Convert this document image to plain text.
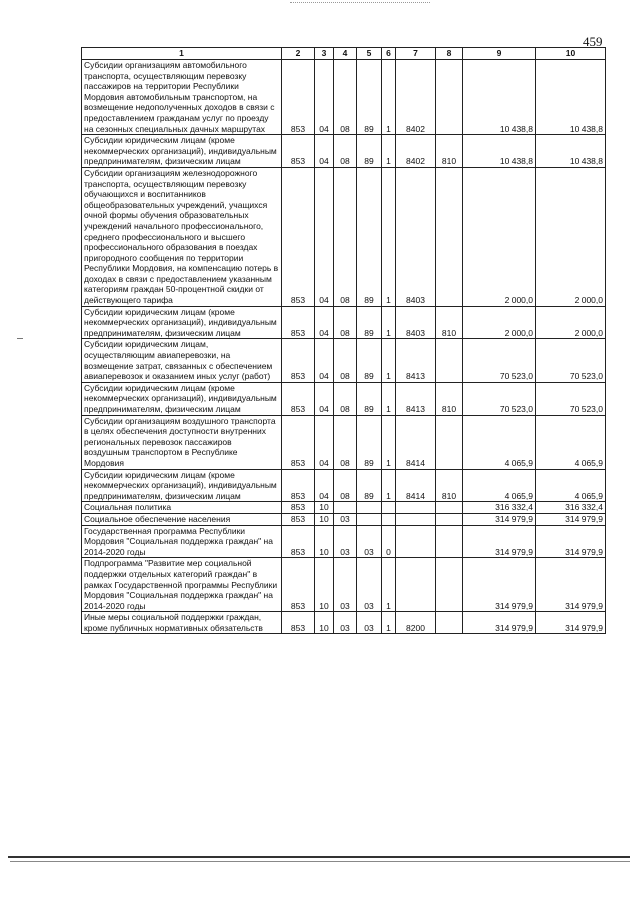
459
1	2	3	4	5	6	7	8	9	10
Субсидии организациям автомобильного транспорта, осуществляющим перевозку пассажиров на территории Республики Мордовия автомобильным транспортом, на возмещение недополученных доходов в связи с предоставлением гражданам услуг по проезду на сезонных специальных дачных маршрутах	853	04	08	89	1	8402		10 438,8	10 438,8
Субсидии юридическим лицам (кроме некоммерческих организаций), индивидуальным предпринимателям, физическим лицам	853	04	08	89	1	8402	810	10 438,8	10 438,8
Субсидии организациям железнодорожного транспорта, осуществляющим перевозку обучающихся и воспитанников общеобразовательных учреждений, учащихся очной формы обучения образовательных учреждений начального профессионального, среднего профессионального и высшего профессионального образования в поездах пригородного сообщения по территории Республики Мордовия, на компенсацию потерь в доходах в связи с предоставлением указанным категориям граждан 50-процентной скидки от действующего тарифа	853	04	08	89	1	8403		2 000,0	2 000,0
Субсидии юридическим лицам (кроме некоммерческих организаций), индивидуальным предпринимателям, физическим лицам	853	04	08	89	1	8403	810	2 000,0	2 000,0
Субсидии юридическим лицам, осуществляющим авиаперевозки, на возмещение затрат, связанных с обеспечением авиаперевозок и оказанием иных услуг (работ)	853	04	08	89	1	8413		70 523,0	70 523,0
Субсидии юридическим лицам (кроме некоммерческих организаций), индивидуальным предпринимателям, физическим лицам	853	04	08	89	1	8413	810	70 523,0	70 523,0
Субсидии организациям воздушного транспорта в целях обеспечения доступности внутренних региональных перевозок пассажиров воздушным транспортом в Республике Мордовия	853	04	08	89	1	8414		4 065,9	4 065,9
Субсидии юридическим лицам (кроме некоммерческих организаций), индивидуальным предпринимателям, физическим лицам	853	04	08	89	1	8414	810	4 065,9	4 065,9
Социальная политика	853	10						316 332,4	316 332,4
Социальное обеспечение населения	853	10	03					314 979,9	314 979,9
Государственная программа Республики Мордовия "Социальная поддержка граждан" на 2014-2020 годы	853	10	03	03	0			314 979,9	314 979,9
Подпрограмма "Развитие мер социальной поддержки отдельных категорий граждан" в рамках Государственной программы Республики Мордовия "Социальная поддержка граждан" на 2014-2020 годы	853	10	03	03	1			314 979,9	314 979,9
Иные меры социальной поддержки граждан, кроме публичных нормативных обязательств	853	10	03	03	1	8200		314 979,9	314 979,9
